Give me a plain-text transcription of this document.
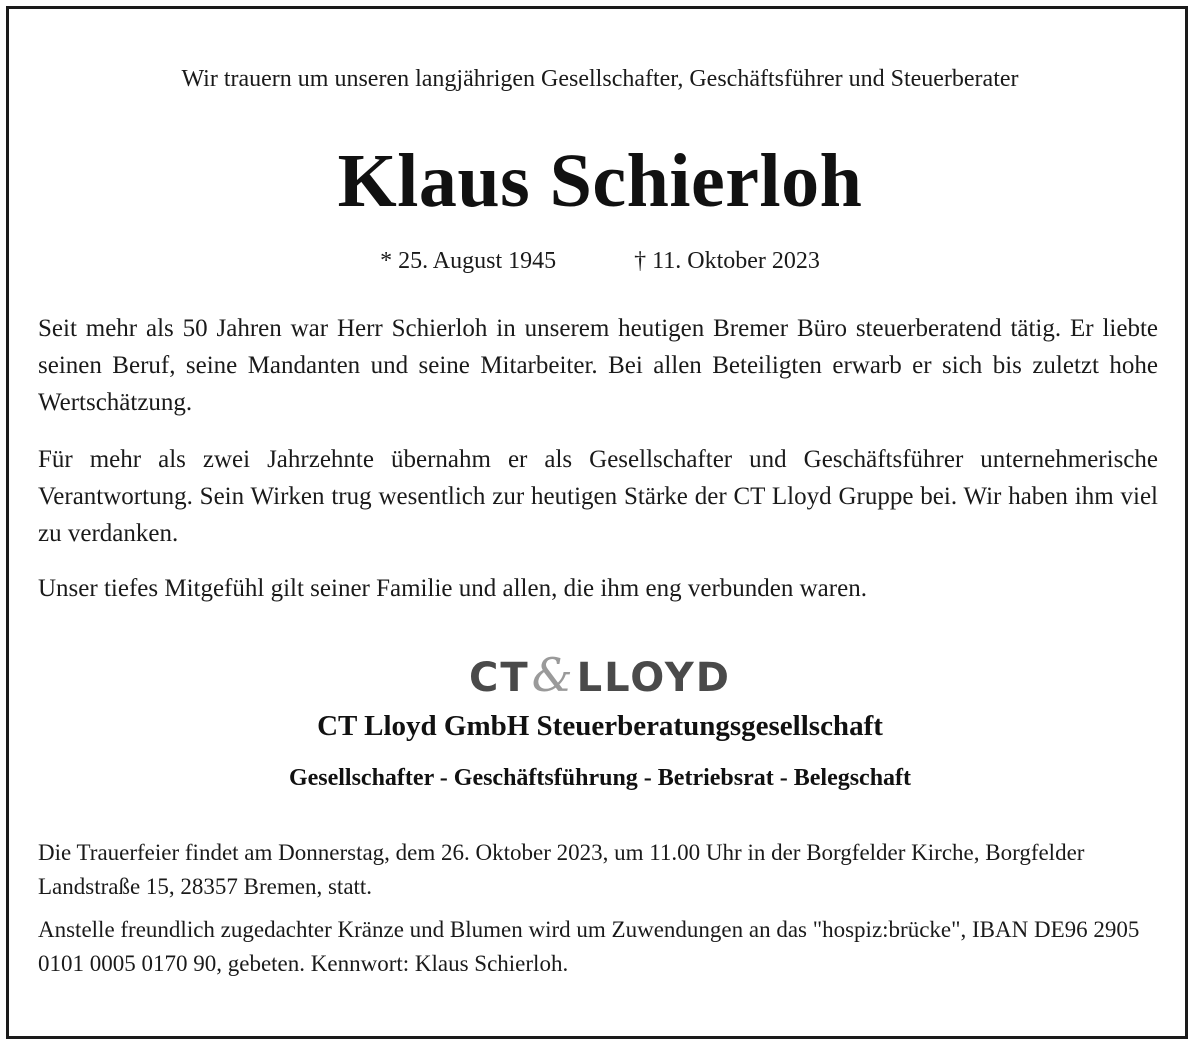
Wir trauern um unseren langjährigen Gesellschafter, Geschäftsführer und Steuerberater
Klaus Schierloh
* 25. August 1945	† 11. Oktober 2023
Seit mehr als 50 Jahren war Herr Schierloh in unserem heutigen Bremer Büro steuerberatend tätig. Er liebte seinen Beruf, seine Mandanten und seine Mitarbeiter. Bei allen Beteiligten erwarb er sich bis zuletzt hohe Wertschätzung.
Für mehr als zwei Jahrzehnte übernahm er als Gesellschafter und Geschäftsführer unternehmerische Verantwortung. Sein Wirken trug wesentlich zur heutigen Stärke der CT Lloyd Gruppe bei. Wir haben ihm viel zu verdanken.
Unser tiefes Mitgefühl gilt seiner Familie und allen, die ihm eng verbunden waren.
CT&LLOYD
CT Lloyd GmbH Steuerberatungsgesellschaft
Gesellschafter - Geschäftsführung - Betriebsrat - Belegschaft
Die Trauerfeier findet am Donnerstag, dem 26. Oktober 2023, um 11.00 Uhr in der Borgfelder Kirche, Borgfelder Landstraße 15, 28357 Bremen, statt.
Anstelle freundlich zugedachter Kränze und Blumen wird um Zuwendungen an das "hospiz:brücke", IBAN DE96 2905 0101 0005 0170 90, gebeten. Kennwort: Klaus Schierloh.
